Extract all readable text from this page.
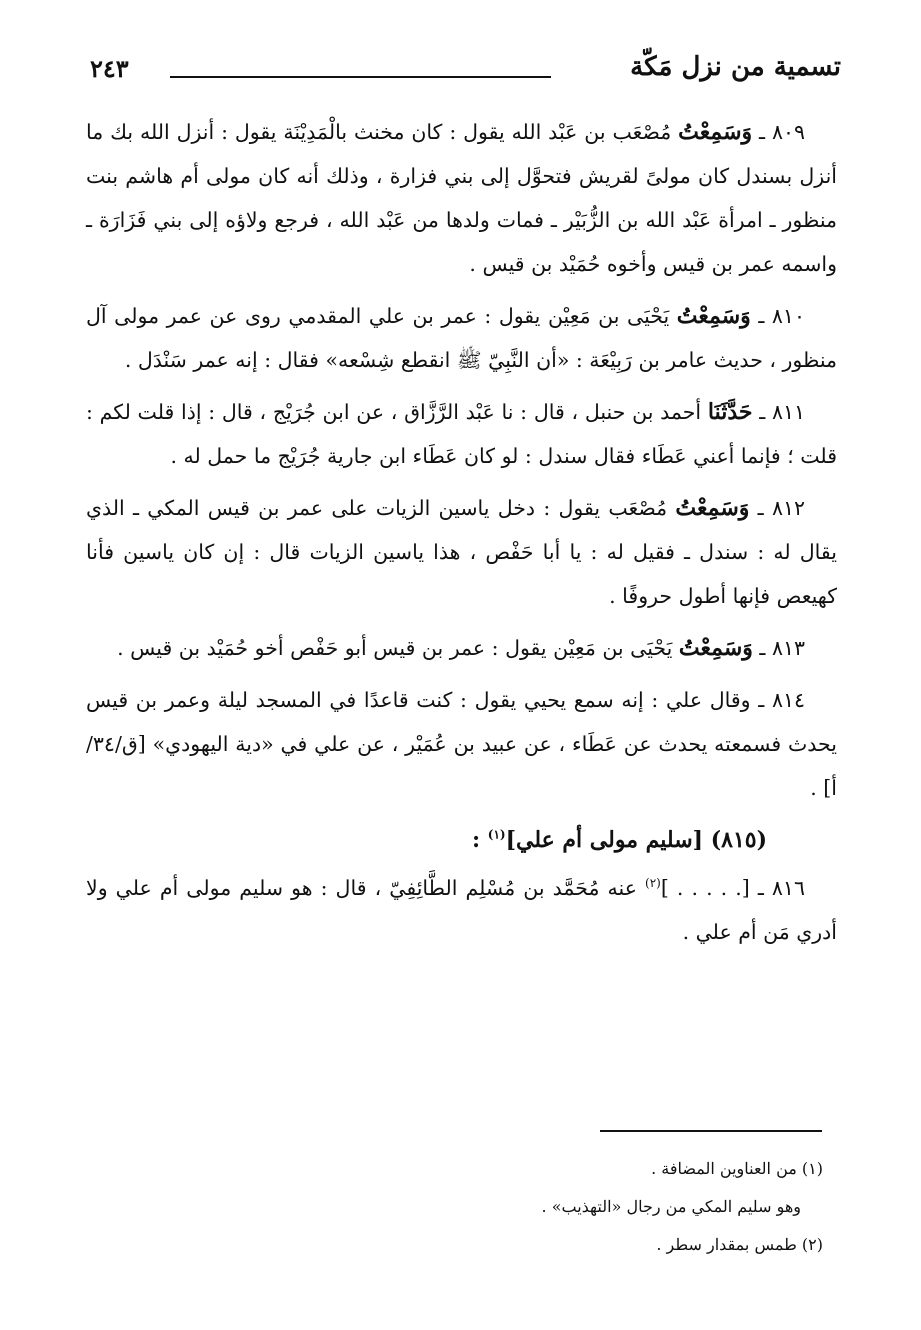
تسمية من نزل مَكّة
٢٤٣

٨٠٩ ـ وَسَمِعْتُ مُصْعَب بن عَبْد الله يقول : كان مخنث بالْمَدِيْنَة يقول : أنزل الله بك ما أنزل بسندل كان مولىً لقريش فتحوَّل إلى بني فزارة ، وذلك أنه كان مولى أم هاشم بنت منظور ـ امرأة عَبْد الله بن الزُّبَيْر ـ فمات ولدها من عَبْد الله ، فرجع ولاؤه إلى بني فَزَارَة ـ واسمه عمر بن قيس وأخوه حُمَيْد بن قيس .

٨١٠ ـ وَسَمِعْتُ يَحْيَى بن مَعِيْن يقول : عمر بن علي المقدمي روى عن عمر مولى آل منظور ، حديث عامر بن رَبِيْعَة : «أن النَّبِيّ ﷺ انقطع شِسْعه» فقال : إنه عمر سَنْدَل .

٨١١ ـ حَدَّثَنَا أحمد بن حنبل ، قال : نا عَبْد الرَّزَّاق ، عن ابن جُرَيْج ، قال : إذا قلت لكم : قلت ؛ فإنما أعني عَطَاء فقال سندل : لو كان عَطَاء ابن جارية جُرَيْج ما حمل له .

٨١٢ ـ وَسَمِعْتُ مُصْعَب يقول : دخل ياسين الزيات على عمر بن قيس المكي ـ الذي يقال له : سندل ـ فقيل له : يا أبا حَفْص ، هذا ياسين الزيات قال : إن كان ياسين فأنا كهيعص فإنها أطول حروفًا .

٨١٣ ـ وَسَمِعْتُ يَحْيَى بن مَعِيْن يقول : عمر بن قيس أبو حَفْص أخو حُمَيْد بن قيس .

٨١٤ ـ وقال علي : إنه سمع يحيي يقول : كنت قاعدًا في المسجد ليلة وعمر بن قيس يحدث فسمعته يحدث عن عَطَاء ، عن عبيد بن عُمَيْر ، عن علي في «دية اليهودي» [ق/٣٤/أ] .

(٨١٥) [سليم مولى أم علي]$^{(١)}$ :

٨١٦ ـ [. . . . . ]$^{(٢)}$ عنه مُحَمَّد بن مُسْلِم الطَّائِفِيّ ، قال : هو سليم مولى أم علي ولا أدري مَن أم علي .

(١) من العناوين المضافة .

وهو سليم المكي من رجال «التهذيب» .

(٢) طمس بمقدار سطر .
